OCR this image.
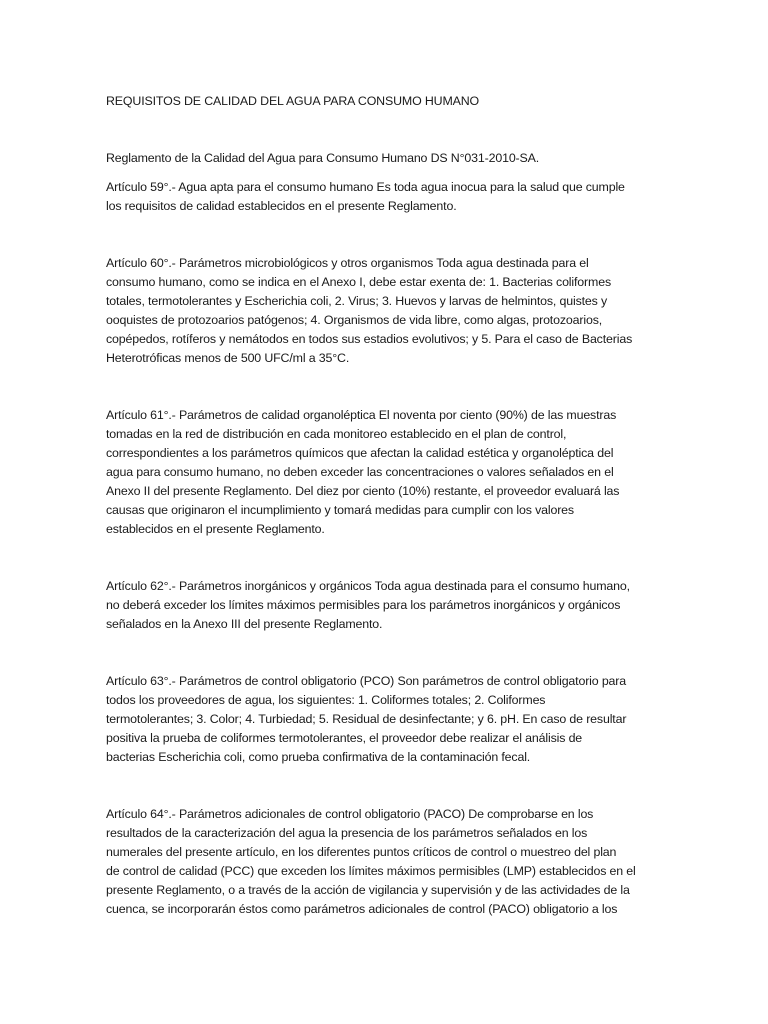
REQUISITOS DE CALIDAD DEL AGUA PARA CONSUMO HUMANO
Reglamento de la Calidad del Agua para Consumo Humano DS N°031-2010-SA.
Artículo 59°.- Agua apta para el consumo humano Es toda agua inocua para la salud que cumple
los requisitos de calidad establecidos en el presente Reglamento.
Artículo 60°.- Parámetros microbiológicos y otros organismos Toda agua destinada para el
consumo humano, como se indica en el Anexo I, debe estar exenta de: 1. Bacterias coliformes
totales, termotolerantes y Escherichia coli, 2. Virus; 3. Huevos y larvas de helmintos, quistes y
ooquistes de protozoarios patógenos; 4. Organismos de vida libre, como algas, protozoarios,
copépedos, rotíferos y nemátodos en todos sus estadios evolutivos; y 5. Para el caso de Bacterias
Heterotróficas menos de 500 UFC/ml a 35°C.
Artículo 61°.- Parámetros de calidad organoléptica El noventa por ciento (90%) de las muestras
tomadas en la red de distribución en cada monitoreo establecido en el plan de control,
correspondientes a los parámetros químicos que afectan la calidad estética y organoléptica del
agua para consumo humano, no deben exceder las concentraciones o valores señalados en el
Anexo II del presente Reglamento. Del diez por ciento (10%) restante, el proveedor evaluará las
causas que originaron el incumplimiento y tomará medidas para cumplir con los valores
establecidos en el presente Reglamento.
Artículo 62°.- Parámetros inorgánicos y orgánicos Toda agua destinada para el consumo humano,
no deberá exceder los límites máximos permisibles para los parámetros inorgánicos y orgánicos
señalados en la Anexo III del presente Reglamento.
Artículo 63°.- Parámetros de control obligatorio (PCO) Son parámetros de control obligatorio para
todos los proveedores de agua, los siguientes: 1. Coliformes totales; 2. Coliformes
termotolerantes; 3. Color; 4. Turbiedad; 5. Residual de desinfectante; y 6. pH. En caso de resultar
positiva la prueba de coliformes termotolerantes, el proveedor debe realizar el análisis de
bacterias Escherichia coli, como prueba confirmativa de la contaminación fecal.
Artículo 64°.- Parámetros adicionales de control obligatorio (PACO) De comprobarse en los
resultados de la caracterización del agua la presencia de los parámetros señalados en los
numerales del presente artículo, en los diferentes puntos críticos de control o muestreo del plan
de control de calidad (PCC) que exceden los límites máximos permisibles (LMP) establecidos en el
presente Reglamento, o a través de la acción de vigilancia y supervisión y de las actividades de la
cuenca, se incorporarán éstos como parámetros adicionales de control (PACO) obligatorio a los
